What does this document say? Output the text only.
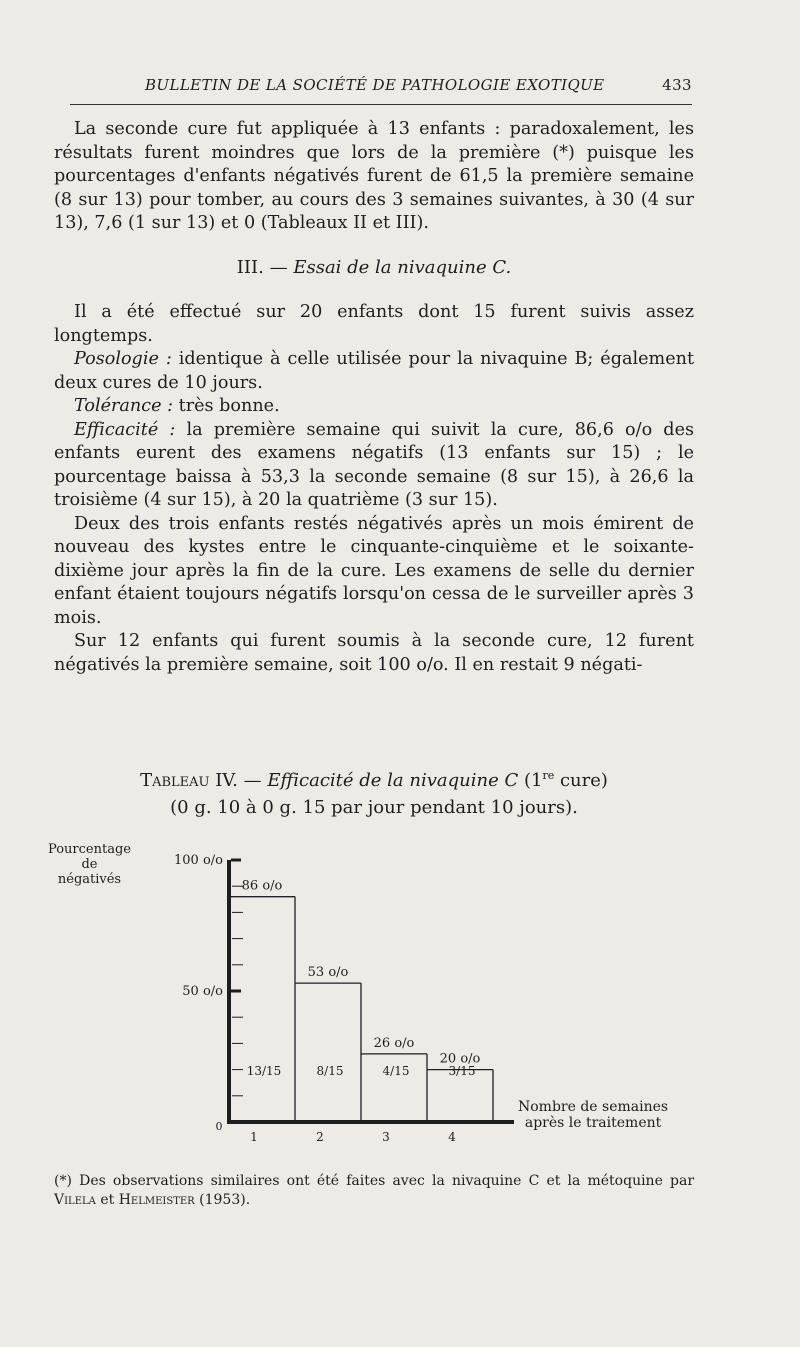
BULLETIN DE LA SOCIÉTÉ DE PATHOLOGIE EXOTIQUE	433

La seconde cure fut appliquée à 13 enfants : paradoxalement, les résultats furent moindres que lors de la première (*) puisque les pourcentages d'enfants négativés furent de 61,5 la première semaine (8 sur 13) pour tomber, au cours des 3 semaines suivantes, à 30 (4 sur 13), 7,6 (1 sur 13) et 0 (Tableaux II et III).

III. — Essai de la nivaquine C.

Il a été effectué sur 20 enfants dont 15 furent suivis assez longtemps.

Posologie : identique à celle utilisée pour la nivaquine B; également deux cures de 10 jours.

Tolérance : très bonne.

Efficacité : la première semaine qui suivit la cure, 86,6 o/o des enfants eurent des examens négatifs (13 enfants sur 15) ; le pourcentage baissa à 53,3 la seconde semaine (8 sur 15), à 26,6 la troisième (4 sur 15), à 20 la quatrième (3 sur 15).

Deux des trois enfants restés négativés après un mois émirent de nouveau des kystes entre le cinquante-cinquième et le soixante-dixième jour après la fin de la cure. Les examens de selle du dernier enfant étaient toujours négatifs lorsqu'on cessa de le surveiller après 3 mois.

Sur 12 enfants qui furent soumis à la seconde cure, 12 furent négativés la première semaine, soit 100 o/o. Il en restait 9 négati-

Tableau IV. — Efficacité de la nivaquine C (1re cure)
(0 g. 10 à 0 g. 15 par jour pendant 10 jours).
100 o/o
50 o/o
0
86 o/o
13/15
1
53 o/o
8/15
2
26 o/o
4/15
3
20 o/o
3/15
4
Pourcentage
de
négativés
Nombre de semaines
après le traitement
(*) Des observations similaires ont été faites avec la nivaquine C et la métoquine par Vilela et Helmeister (1953).
